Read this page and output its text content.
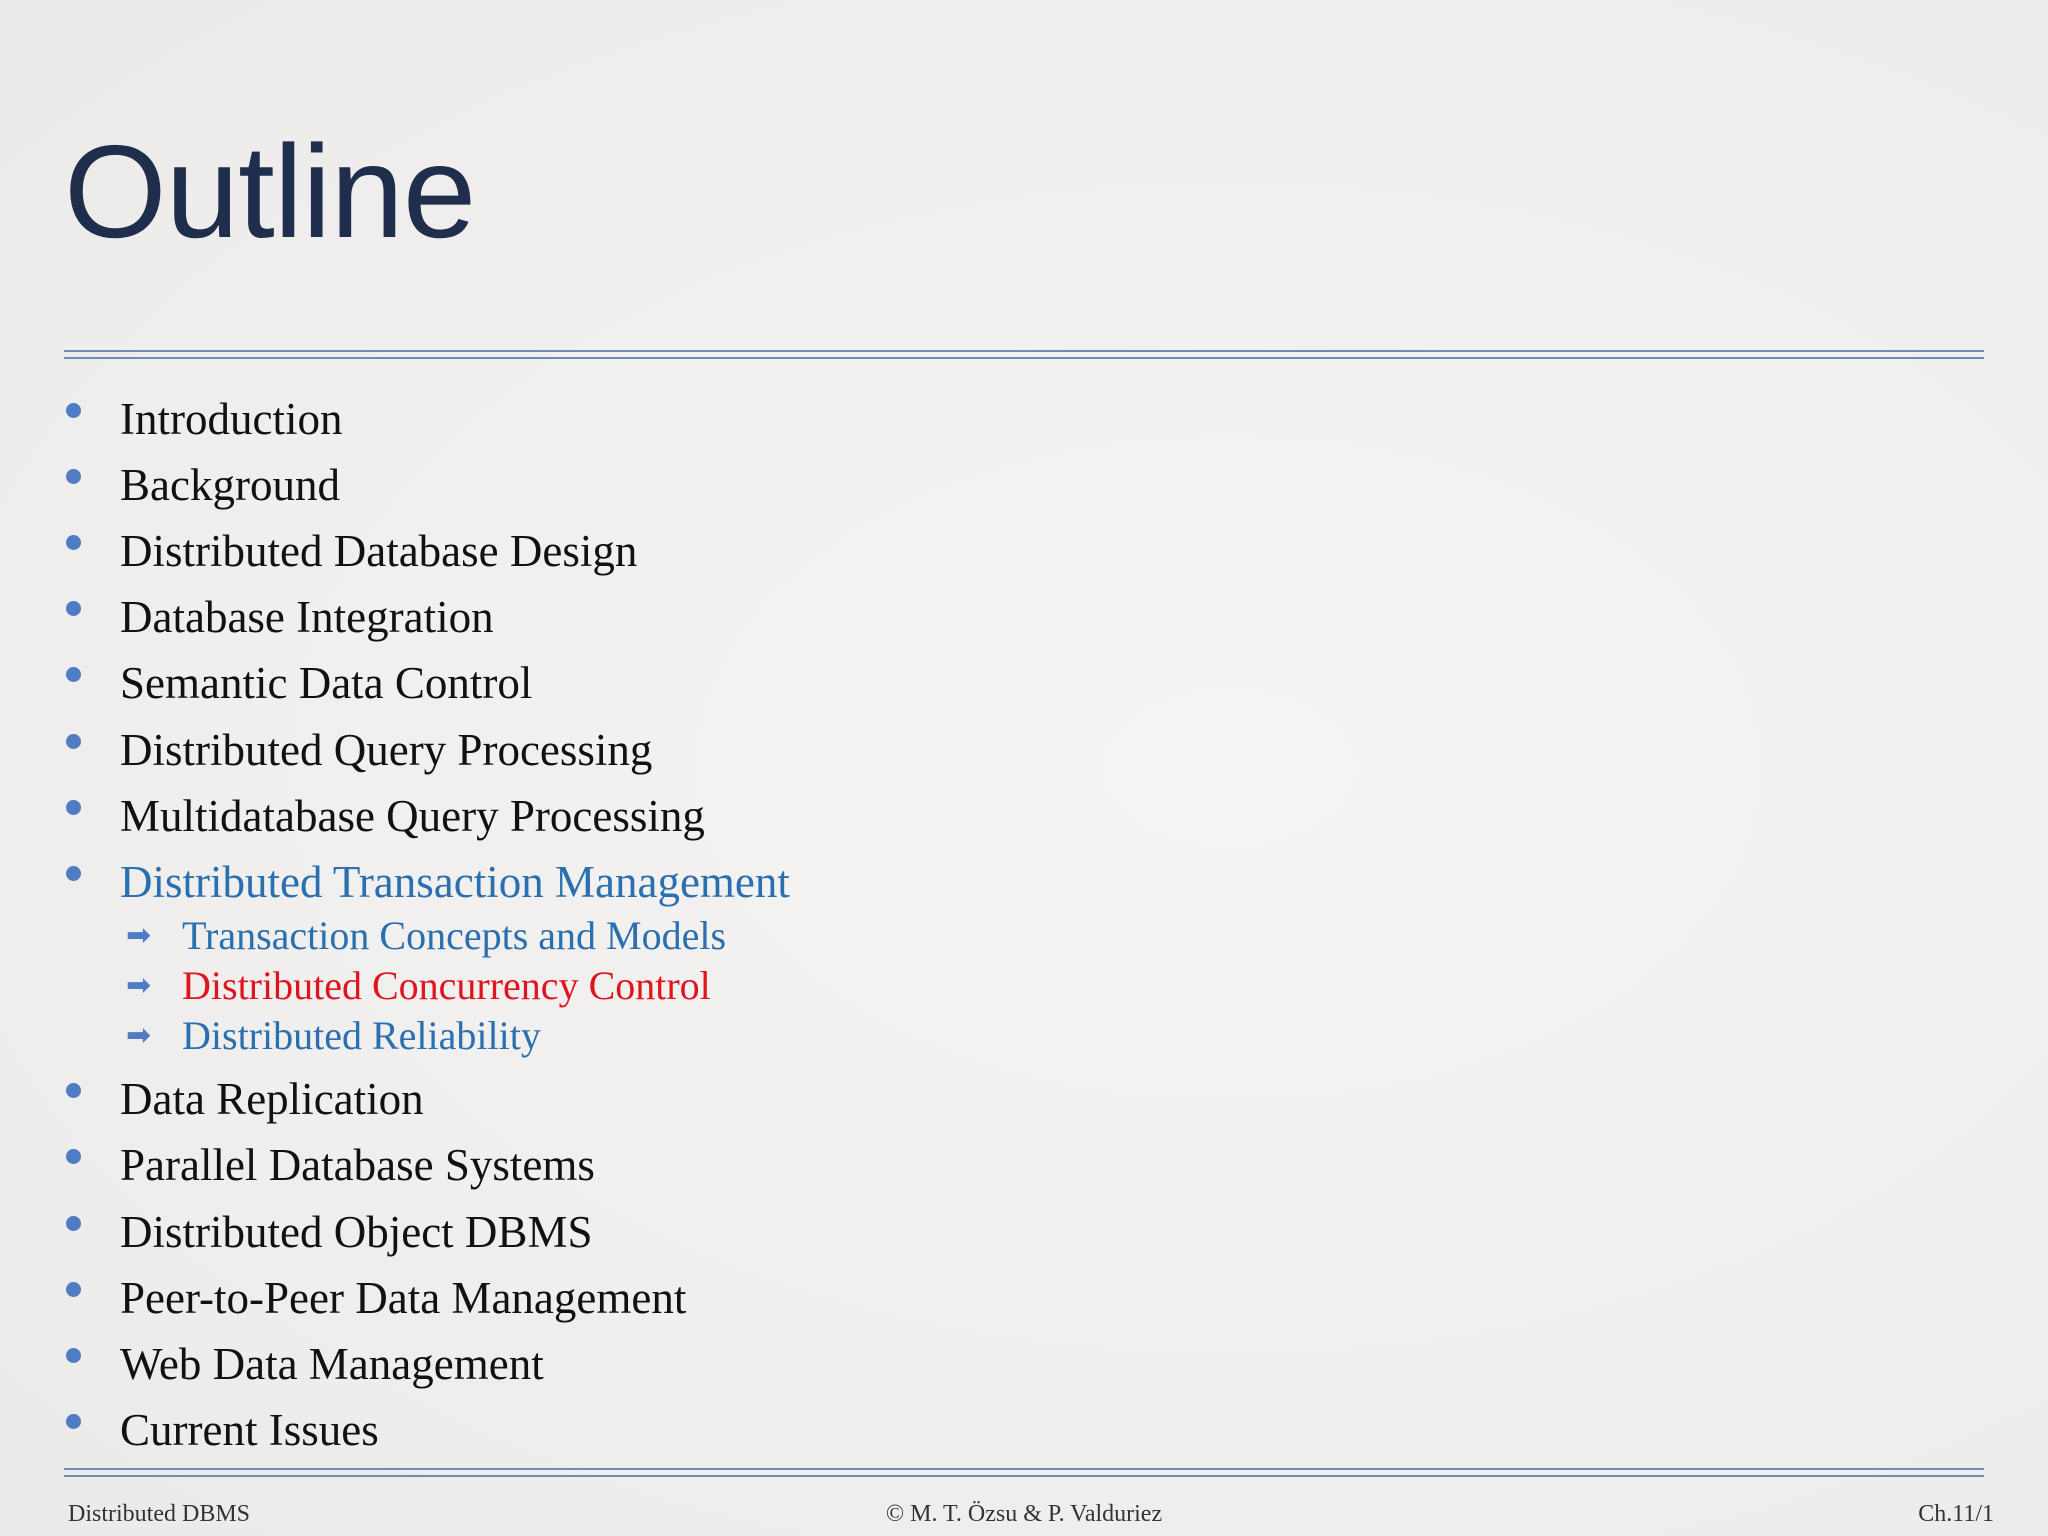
Outline
Introduction
Background
Distributed Database Design
Database Integration
Semantic Data Control
Distributed Query Processing
Multidatabase Query Processing
Distributed Transaction Management
➡ Transaction Concepts and Models
➡ Distributed Concurrency Control
➡ Distributed Reliability
Data Replication
Parallel Database Systems
Distributed Object DBMS
Peer-to-Peer Data Management
Web Data Management
Current Issues
Distributed DBMS	© M. T. Özsu & P. Valduriez	Ch.11/1
